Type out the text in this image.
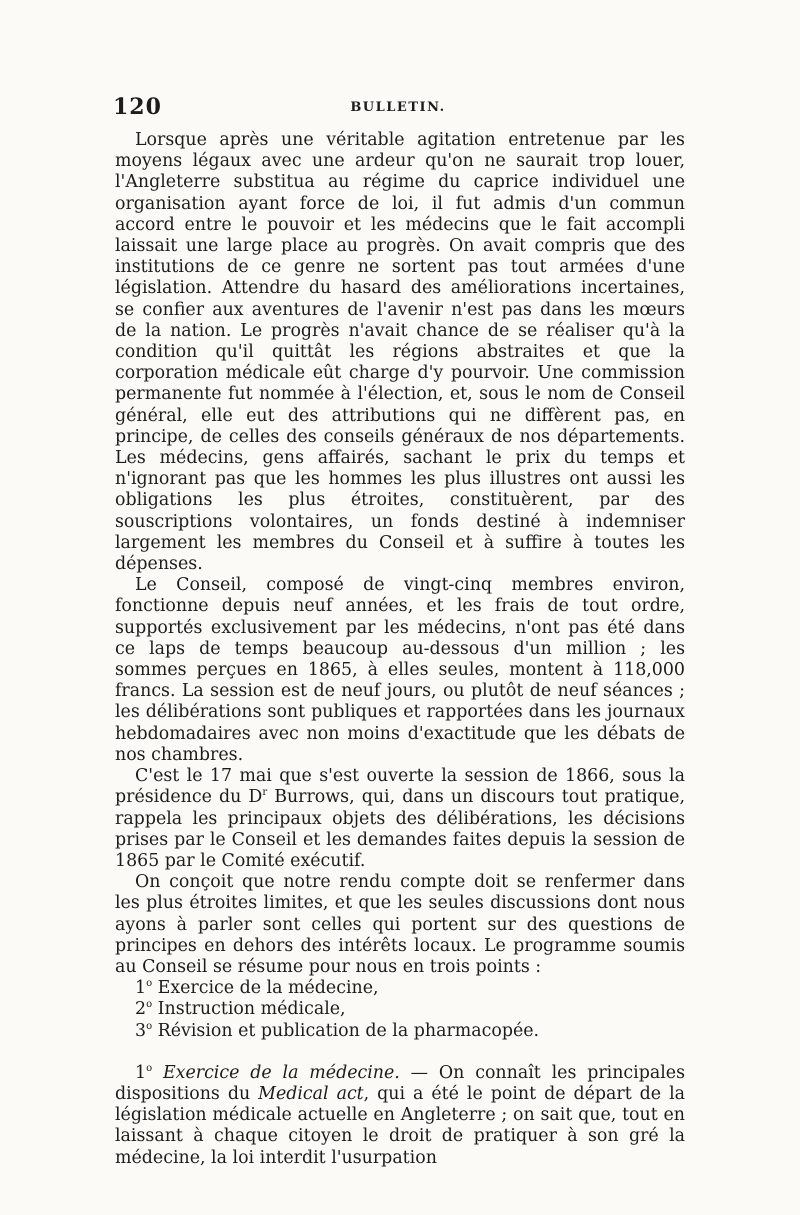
120	BULLETIN.

Lorsque après une véritable agitation entretenue par les moyens légaux avec une ardeur qu'on ne saurait trop louer, l'Angleterre substitua au régime du caprice individuel une organisation ayant force de loi, il fut admis d'un commun accord entre le pouvoir et les médecins que le fait accompli laissait une large place au progrès. On avait compris que des institutions de ce genre ne sortent pas tout armées d'une législation. Attendre du hasard des améliorations incertaines, se confier aux aventures de l'avenir n'est pas dans les mœurs de la nation. Le progrès n'avait chance de se réaliser qu'à la condition qu'il quittât les régions abstraites et que la corporation médicale eût charge d'y pourvoir. Une commission permanente fut nommée à l'élection, et, sous le nom de Conseil général, elle eut des attributions qui ne diffèrent pas, en principe, de celles des conseils généraux de nos départements. Les médecins, gens affairés, sachant le prix du temps et n'ignorant pas que les hommes les plus illustres ont aussi les obligations les plus étroites, constituèrent, par des souscriptions volontaires, un fonds destiné à indemniser largement les membres du Conseil et à suffire à toutes les dépenses.

Le Conseil, composé de vingt-cinq membres environ, fonctionne depuis neuf années, et les frais de tout ordre, supportés exclusivement par les médecins, n'ont pas été dans ce laps de temps beaucoup au-dessous d'un million ; les sommes perçues en 1865, à elles seules, montent à 118,000 francs. La session est de neuf jours, ou plutôt de neuf séances ; les délibérations sont publiques et rapportées dans les journaux hebdomadaires avec non moins d'exactitude que les débats de nos chambres.

C'est le 17 mai que s'est ouverte la session de 1866, sous la présidence du $D^r$ Burrows, qui, dans un discours tout pratique, rappela les principaux objets des délibérations, les décisions prises par le Conseil et les demandes faites depuis la session de 1865 par le Comité exécutif.

On conçoit que notre rendu compte doit se renfermer dans les plus étroites limites, et que les seules discussions dont nous ayons à parler sont celles qui portent sur des questions de principes en dehors des intérêts locaux. Le programme soumis au Conseil se résume pour nous en trois points :

1$^o$ Exercice de la médecine,
2$^o$ Instruction médicale,
3$^o$ Révision et publication de la pharmacopée.

1$^o$ Exercice de la médecine. — On connaît les principales dispositions du Medical act, qui a été le point de départ de la législation médicale actuelle en Angleterre ; on sait que, tout en laissant à chaque citoyen le droit de pratiquer à son gré la médecine, la loi interdit l'usurpation
